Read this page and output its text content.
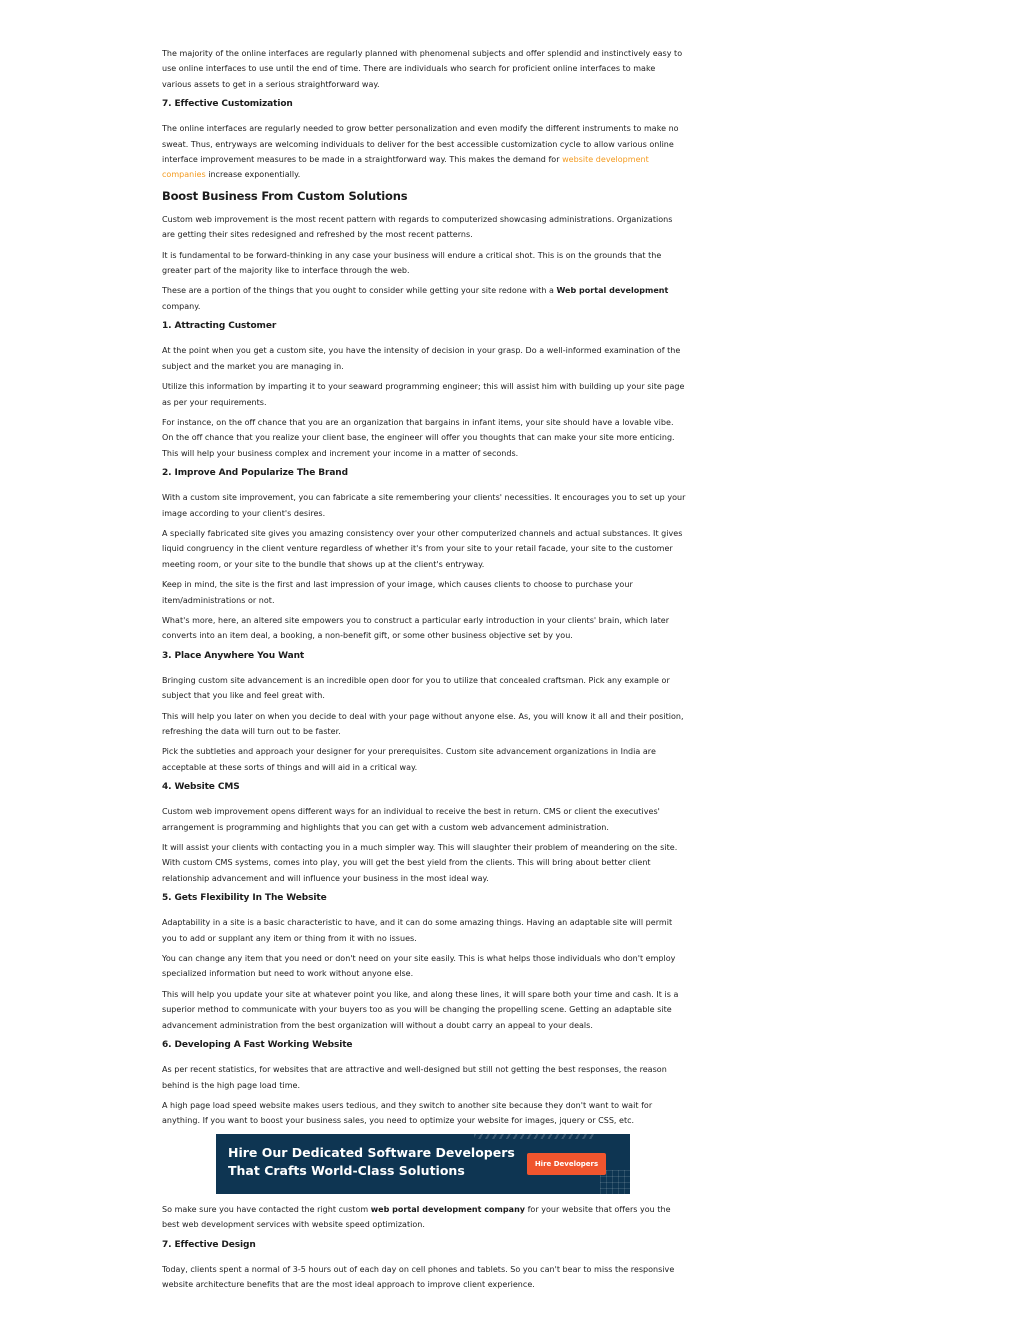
The majority of the online interfaces are regularly planned with phenomenal subjects and offer splendid and instinctively easy to use online interfaces to use until the end of time. There are individuals who search for proficient online interfaces to make various assets to get in a serious straightforward way.

7. Effective Customization

The online interfaces are regularly needed to grow better personalization and even modify the different instruments to make no sweat. Thus, entryways are welcoming individuals to deliver for the best accessible customization cycle to allow various online interface improvement measures to be made in a straightforward way. This makes the demand for website development companies increase exponentially.

Boost Business From Custom Solutions

Custom web improvement is the most recent pattern with regards to computerized showcasing administrations. Organizations are getting their sites redesigned and refreshed by the most recent patterns.

It is fundamental to be forward-thinking in any case your business will endure a critical shot. This is on the grounds that the greater part of the majority like to interface through the web.

These are a portion of the things that you ought to consider while getting your site redone with a Web portal development company.

1. Attracting Customer

At the point when you get a custom site, you have the intensity of decision in your grasp. Do a well-informed examination of the subject and the market you are managing in.

Utilize this information by imparting it to your seaward programming engineer; this will assist him with building up your site page as per your requirements.

For instance, on the off chance that you are an organization that bargains in infant items, your site should have a lovable vibe. On the off chance that you realize your client base, the engineer will offer you thoughts that can make your site more enticing. This will help your business complex and increment your income in a matter of seconds.

2. Improve And Popularize The Brand

With a custom site improvement, you can fabricate a site remembering your clients' necessities. It encourages you to set up your image according to your client's desires.

A specially fabricated site gives you amazing consistency over your other computerized channels and actual substances. It gives liquid congruency in the client venture regardless of whether it's from your site to your retail facade, your site to the customer meeting room, or your site to the bundle that shows up at the client's entryway.

Keep in mind, the site is the first and last impression of your image, which causes clients to choose to purchase your item/administrations or not.

What's more, here, an altered site empowers you to construct a particular early introduction in your clients' brain, which later converts into an item deal, a booking, a non-benefit gift, or some other business objective set by you.

3. Place Anywhere You Want

Bringing custom site advancement is an incredible open door for you to utilize that concealed craftsman. Pick any example or subject that you like and feel great with.

This will help you later on when you decide to deal with your page without anyone else. As, you will know it all and their position, refreshing the data will turn out to be faster.

Pick the subtleties and approach your designer for your prerequisites. Custom site advancement organizations in India are acceptable at these sorts of things and will aid in a critical way.

4. Website CMS

Custom web improvement opens different ways for an individual to receive the best in return. CMS or client the executives' arrangement is programming and highlights that you can get with a custom web advancement administration.

It will assist your clients with contacting you in a much simpler way. This will slaughter their problem of meandering on the site. With custom CMS systems, comes into play, you will get the best yield from the clients. This will bring about better client relationship advancement and will influence your business in the most ideal way.

5. Gets Flexibility In The Website

Adaptability in a site is a basic characteristic to have, and it can do some amazing things. Having an adaptable site will permit you to add or supplant any item or thing from it with no issues.

You can change any item that you need or don't need on your site easily. This is what helps those individuals who don't employ specialized information but need to work without anyone else.

This will help you update your site at whatever point you like, and along these lines, it will spare both your time and cash. It is a superior method to communicate with your buyers too as you will be changing the propelling scene. Getting an adaptable site advancement administration from the best organization will without a doubt carry an appeal to your deals.

6. Developing A Fast Working Website

As per recent statistics, for websites that are attractive and well-designed but still not getting the best responses, the reason behind is the high page load time.

A high page load speed website makes users tedious, and they switch to another site because they don't want to wait for anything. If you want to boost your business sales, you need to optimize your website for images, jquery or CSS, etc.

Hire Our Dedicated Software Developers
That Crafts World-Class Solutions	Hire Developers

So make sure you have contacted the right custom web portal development company for your website that offers you the best web development services with website speed optimization.

7. Effective Design

Today, clients spent a normal of 3-5 hours out of each day on cell phones and tablets. So you can't bear to miss the responsive website architecture benefits that are the most ideal approach to improve client experience.
